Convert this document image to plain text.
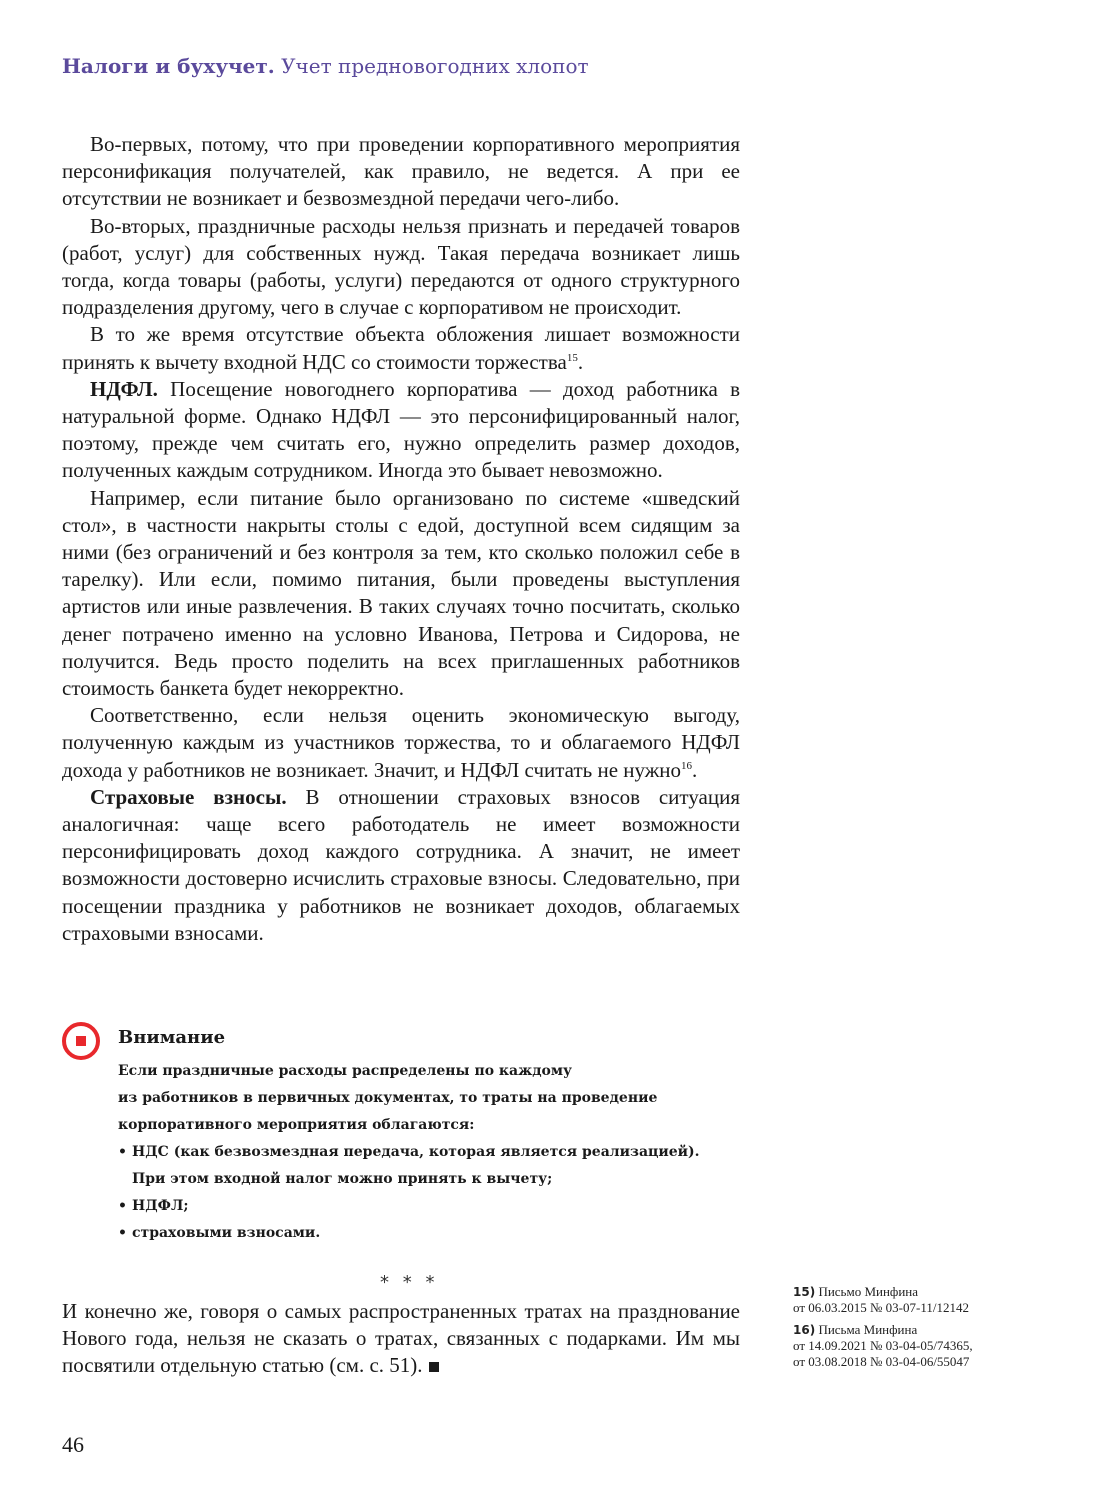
Налоги и бухучет. Учет предновогодних хлопот

Во-первых, потому, что при проведении корпоративного мероприятия персонификация получателей, как правило, не ведется. А при ее отсутствии не возникает и безвозмездной передачи чего-либо.

Во-вторых, праздничные расходы нельзя признать и передачей товаров (работ, услуг) для собственных нужд. Такая передача возникает лишь тогда, когда товары (работы, услуги) передаются от одного структурного подразделения другому, чего в случае с корпоративом не происходит.

В то же время отсутствие объекта обложения лишает возможности принять к вычету входной НДС со стоимости торжества$^{15}$.

НДФЛ. Посещение новогоднего корпоратива — доход работника в натуральной форме. Однако НДФЛ — это персонифицированный налог, поэтому, прежде чем считать его, нужно определить размер доходов, полученных каждым сотрудником. Иногда это бывает невозможно.

Например, если питание было организовано по системе «шведский стол», в частности накрыты столы с едой, доступной всем сидящим за ними (без ограничений и без контроля за тем, кто сколько положил себе в тарелку). Или если, помимо питания, были проведены выступления артистов или иные развлечения. В таких случаях точно посчитать, сколько денег потрачено именно на условно Иванова, Петрова и Сидорова, не получится. Ведь просто поделить на всех приглашенных работников стоимость банкета будет некорректно.

Соответственно, если нельзя оценить экономическую выгоду, полученную каждым из участников торжества, то и облагаемого НДФЛ дохода у работников не возникает. Значит, и НДФЛ считать не нужно$^{16}$.

Страховые взносы. В отношении страховых взносов ситуация аналогичная: чаще всего работодатель не имеет возможности персонифицировать доход каждого сотрудника. А значит, не имеет возможности достоверно исчислить страховые взносы. Следовательно, при посещении праздника у работников не возникает доходов, облагаемых страховыми взносами.

Внимание
Если праздничные расходы распределены по каждому
из работников в первичных документах, то траты на проведение
корпоративного мероприятия облагаются:
• НДС (как безвозмездная передача, которая является реализацией).
При этом входной налог можно принять к вычету;
• НДФЛ;
• страховыми взносами.
* * *
И конечно же, говоря о самых распространенных тратах на празднование Нового года, нельзя не сказать о тратах, связанных с подарками. Им мы посвятили отдельную статью (см. с. 51).
15) Письмо Минфина
от 06.03.2015 № 03-07-11/12142
16) Письма Минфина
от 14.09.2021 № 03-04-05/74365,
от 03.08.2018 № 03-04-06/55047
46
